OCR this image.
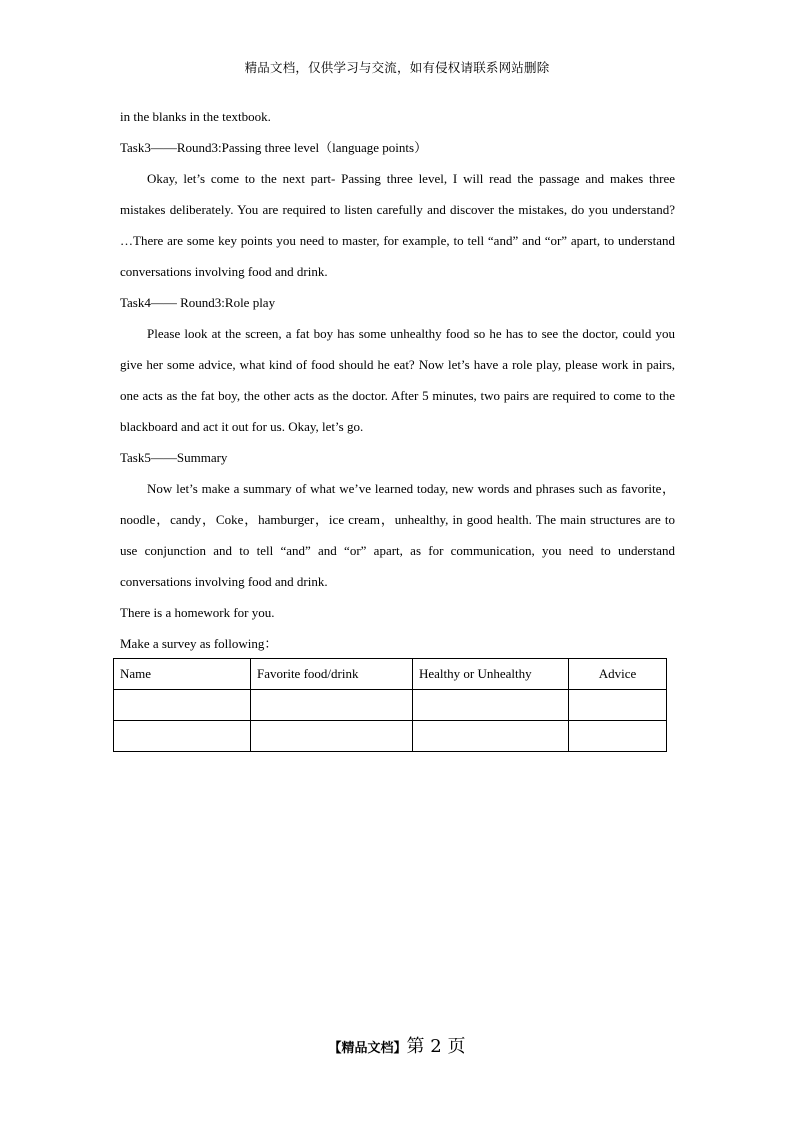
精品文档，仅供学习与交流，如有侵权请联系网站删除

in the blanks in the textbook.

Task3——Round3:Passing three level（language points）

Okay, let’s come to the next part- Passing three level, I will read the passage and makes three mistakes deliberately. You are required to listen carefully and discover the mistakes, do you understand? …There are some key points you need to master, for example, to tell “and” and “or” apart, to understand conversations involving food and drink.

Task4—— Round3:Role play

Please look at the screen, a fat boy has some unhealthy food so he has to see the doctor, could you give her some advice, what kind of food should he eat? Now let’s have a role play, please work in pairs, one acts as the fat boy, the other acts as the doctor. After 5 minutes, two pairs are required to come to the blackboard and act it out for us. Okay, let’s go.

Task5——Summary

Now let’s make a summary of what we’ve learned today, new words and phrases such as favorite，noodle，candy，Coke，hamburger，ice cream，unhealthy, in good health. The main structures are to use conjunction and to tell “and” and “or” apart, as for communication, you need to understand conversations involving food and drink.

There is a homework for you.

Make a survey as following：

Name	Favorite food/drink	Healthy or Unhealthy	Advice

【精品文档】第 2 页
